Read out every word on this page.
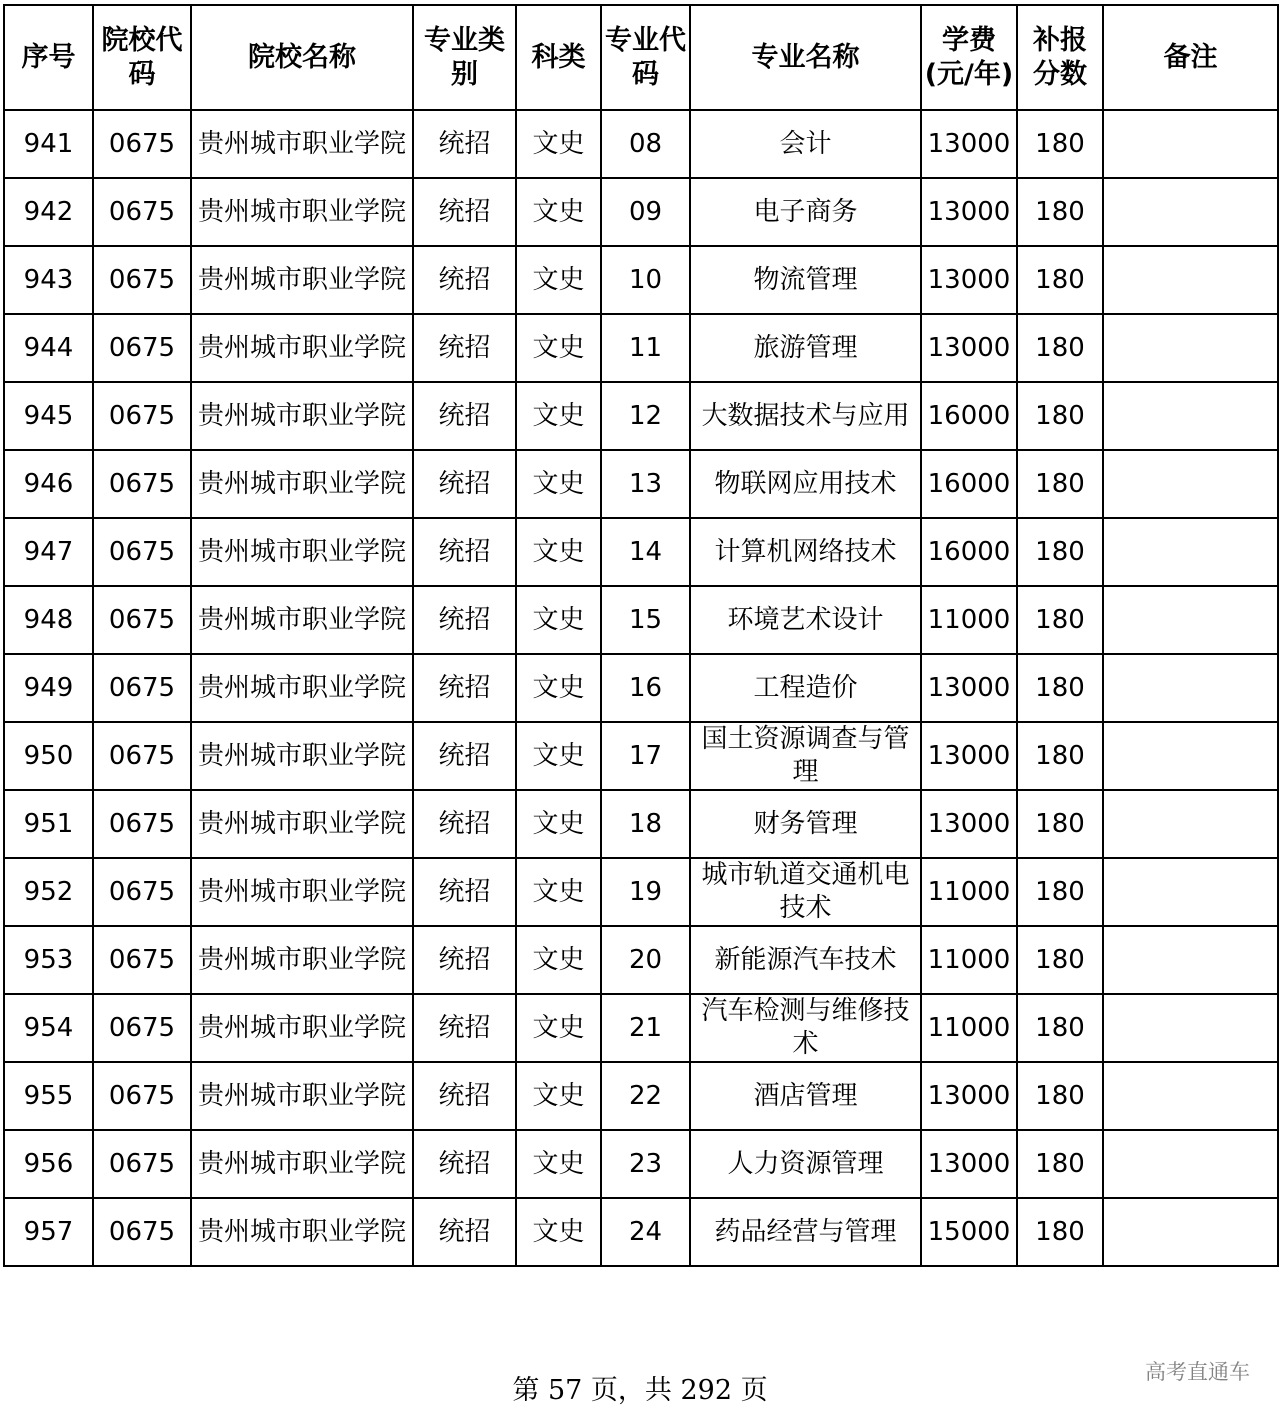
序号	院校代码	院校名称	专业类别	科类	专业代码	专业名称	学费(元/年)	补报分数	备注
941	0675	贵州城市职业学院	统招	文史	08	会计	13000	180	
942	0675	贵州城市职业学院	统招	文史	09	电子商务	13000	180	
943	0675	贵州城市职业学院	统招	文史	10	物流管理	13000	180	
944	0675	贵州城市职业学院	统招	文史	11	旅游管理	13000	180	
945	0675	贵州城市职业学院	统招	文史	12	大数据技术与应用	16000	180	
946	0675	贵州城市职业学院	统招	文史	13	物联网应用技术	16000	180	
947	0675	贵州城市职业学院	统招	文史	14	计算机网络技术	16000	180	
948	0675	贵州城市职业学院	统招	文史	15	环境艺术设计	11000	180	
949	0675	贵州城市职业学院	统招	文史	16	工程造价	13000	180	
950	0675	贵州城市职业学院	统招	文史	17	国土资源调查与管理	13000	180	
951	0675	贵州城市职业学院	统招	文史	18	财务管理	13000	180	
952	0675	贵州城市职业学院	统招	文史	19	城市轨道交通机电技术	11000	180	
953	0675	贵州城市职业学院	统招	文史	20	新能源汽车技术	11000	180	
954	0675	贵州城市职业学院	统招	文史	21	汽车检测与维修技术	11000	180	
955	0675	贵州城市职业学院	统招	文史	22	酒店管理	13000	180	
956	0675	贵州城市职业学院	统招	文史	23	人力资源管理	13000	180	
957	0675	贵州城市职业学院	统招	文史	24	药品经营与管理	15000	180	
第 57 页，共 292 页
高考直通车
